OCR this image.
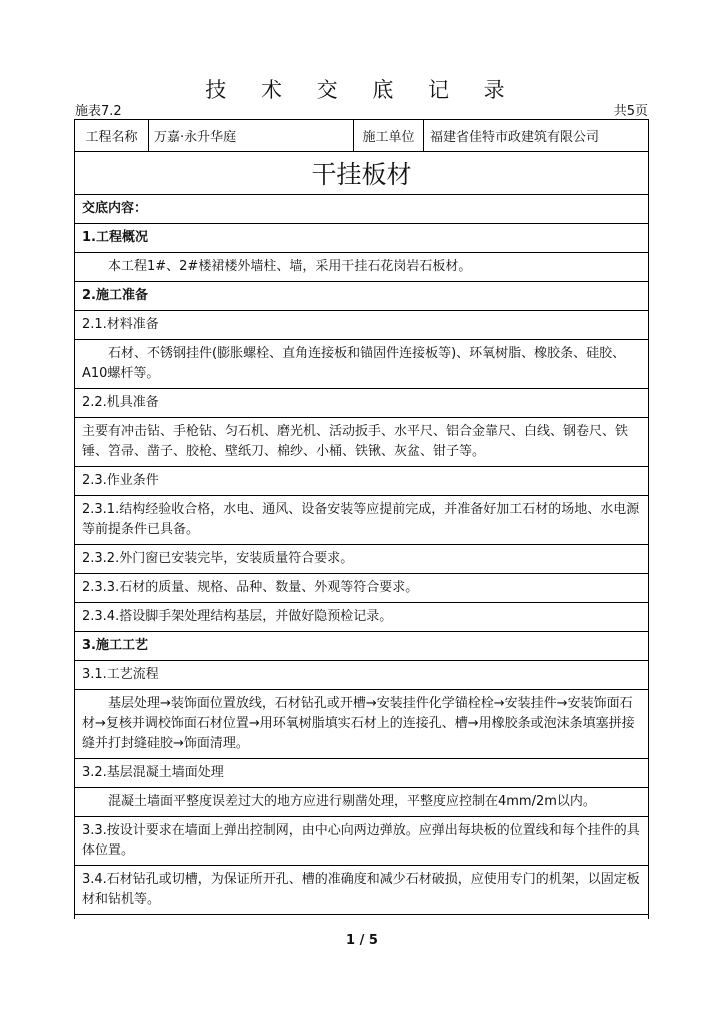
技 术 交 底 记 录
施表7.2	共5页
工程名称	万嘉·永升华庭	施工单位	福建省佳特市政建筑有限公司
干挂板材
交底内容：
1.工程概况
本工程1#、2#楼裙楼外墙柱、墙，采用干挂石花岗岩石板材。
2.施工准备
2.1.材料准备
石材、不锈钢挂件(膨胀螺栓、直角连接板和锚固件连接板等)、环氧树脂、橡胶条、硅胶、A10螺杆等。
2.2.机具准备
主要有冲击钻、手枪钻、匀石机、磨光机、活动扳手、水平尺、铝合金靠尺、白线、钢卷尺、铁锤、笤帚、凿子、胶枪、壁纸刀、棉纱、小桶、铁锹、灰盆、钳子等。
2.3.作业条件
2.3.1.结构经验收合格，水电、通风、设备安装等应提前完成，并准备好加工石材的场地、水电源等前提条件已具备。
2.3.2.外门窗已安装完毕，安装质量符合要求。
2.3.3.石材的质量、规格、品种、数量、外观等符合要求。
2.3.4.搭设脚手架处理结构基层，并做好隐预检记录。
3.施工工艺
3.1.工艺流程
基层处理→装饰面位置放线，石材钻孔或开槽→安装挂件化学锚栓栓→安装挂件→安装饰面石材→复核并调校饰面石材位置→用环氧树脂填实石材上的连接孔、槽→用橡胶条或泡沫条填塞拼接缝并打封缝硅胶→饰面清理。
3.2.基层混凝土墙面处理
混凝土墙面平整度误差过大的地方应进行剔凿处理，平整度应控制在4mm/2m以内。
3.3.按设计要求在墙面上弹出控制网，由中心向两边弹放。应弹出每块板的位置线和每个挂件的具体位置。
3.4.石材钻孔或切槽，为保证所开孔、槽的准确度和减少石材破损，应使用专门的机架，以固定板材和钻机等。
1 / 5
